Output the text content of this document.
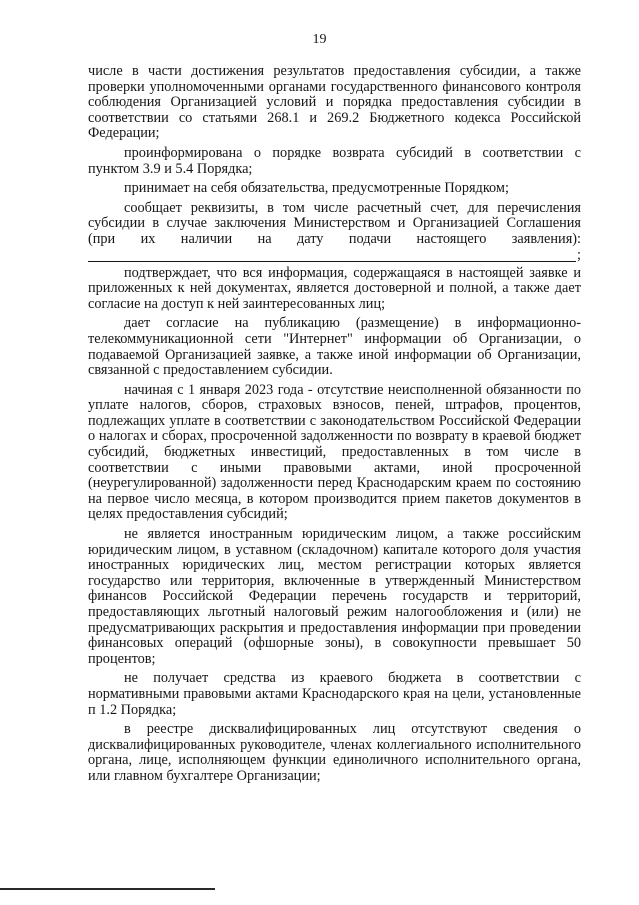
19

числе в части достижения результатов предоставления субсидии, а также проверки уполномоченными органами государственного финансового контроля соблюдения Организацией условий и порядка предоставления субсидии в соответствии со статьями 268.1 и 269.2 Бюджетного кодекса Российской Федерации;

проинформирована о порядке возврата субсидий в соответствии с пунктом 3.9 и 5.4 Порядка;

принимает на себя обязательства, предусмотренные Порядком;

сообщает реквизиты, в том числе расчетный счет, для перечисления субсидии в случае заключения Министерством и Организацией Соглашения (при их наличии на дату подачи настоящего заявления):

;

подтверждает, что вся информация, содержащаяся в настоящей заявке и приложенных к ней документах, является достоверной и полной, а также дает согласие на доступ к ней заинтересованных лиц;

дает согласие на публикацию (размещение) в информационно-телекоммуникационной сети "Интернет" информации об Организации, о подаваемой Организацией заявке, а также иной информации об Организации, связанной с предоставлением субсидии.

начиная с 1 января 2023 года - отсутствие неисполненной обязанности по уплате налогов, сборов, страховых взносов, пеней, штрафов, процентов, подлежащих уплате в соответствии с законодательством Российской Федерации о налогах и сборах, просроченной задолженности по возврату в краевой бюджет субсидий, бюджетных инвестиций, предоставленных в том числе в соответствии с иными правовыми актами, иной просроченной (неурегулированной) задолженности перед Краснодарским краем по состоянию на первое число месяца, в котором производится прием пакетов документов в целях предоставления субсидий;

не является иностранным юридическим лицом, а также российским юридическим лицом, в уставном (складочном) капитале которого доля участия иностранных юридических лиц, местом регистрации которых является государство или территория, включенные в утвержденный Министерством финансов Российской Федерации перечень государств и территорий, предоставляющих льготный налоговый режим налогообложения и (или) не предусматривающих раскрытия и предоставления информации при проведении финансовых операций (офшорные зоны), в совокупности превышает 50 процентов;

не получает средства из краевого бюджета в соответствии с нормативными правовыми актами Краснодарского края на цели, установленные п 1.2 Порядка;

в реестре дисквалифицированных лиц отсутствуют сведения о дисквалифицированных руководителе, членах коллегиального исполнительного органа, лице, исполняющем функции единоличного исполнительного органа, или главном бухгалтере Организации;
